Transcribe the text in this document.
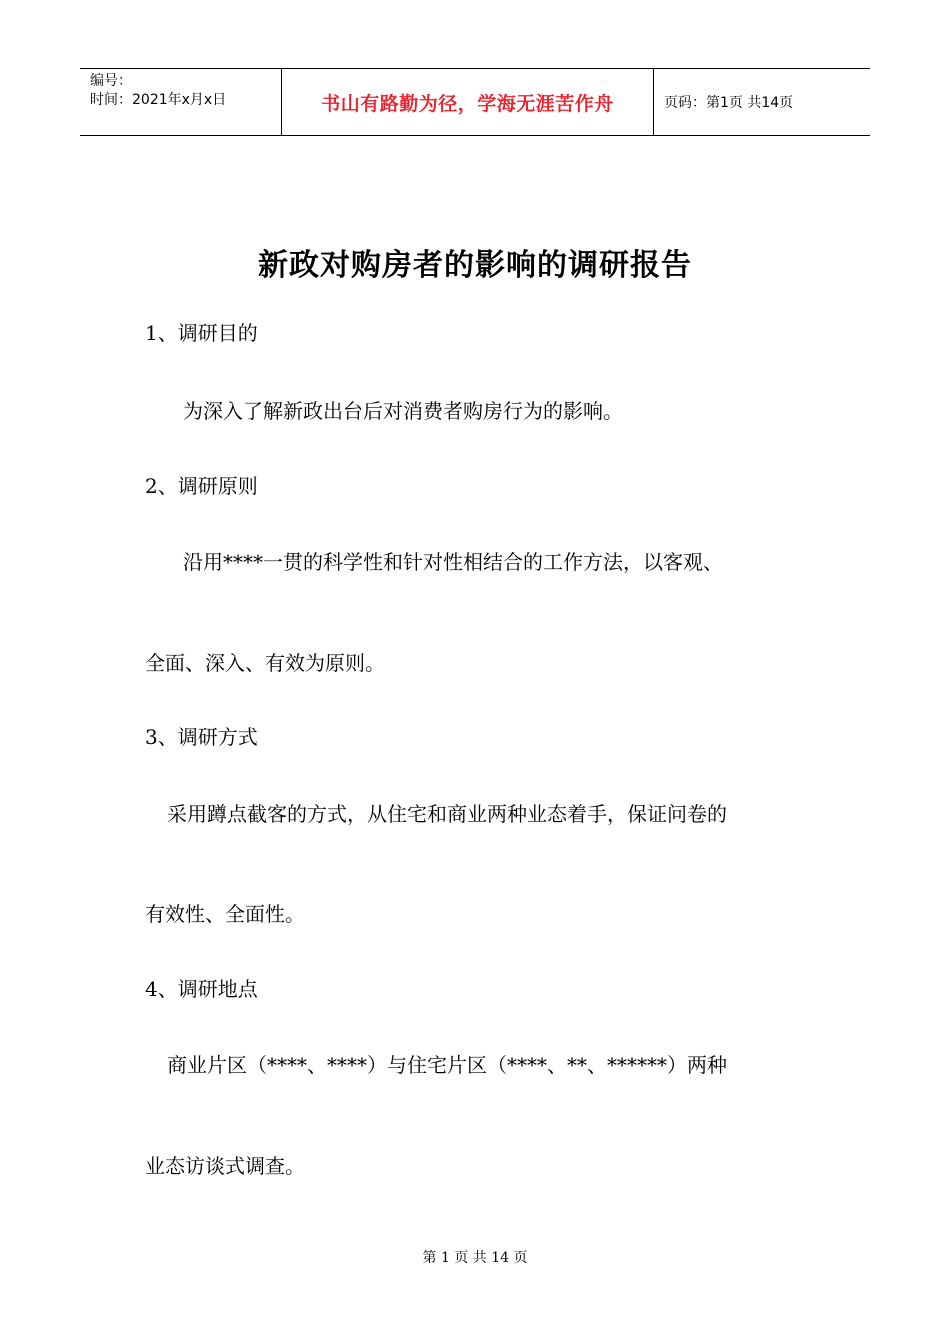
编号：
时间：2021年x月x日	书山有路勤为径，学海无涯苦作舟	页码：第1页 共14页
新政对购房者的影响的调研报告
1、调研目的
为深入了解新政出台后对消费者购房行为的影响。
2、调研原则
沿用****一贯的科学性和针对性相结合的工作方法，以客观、
全面、深入、有效为原则。
3、调研方式
采用蹲点截客的方式，从住宅和商业两种业态着手，保证问卷的
有效性、全面性。
4、调研地点
商业片区（****、****）与住宅片区（****、**、******）两种
业态访谈式调查。
第 1 页 共 14 页
